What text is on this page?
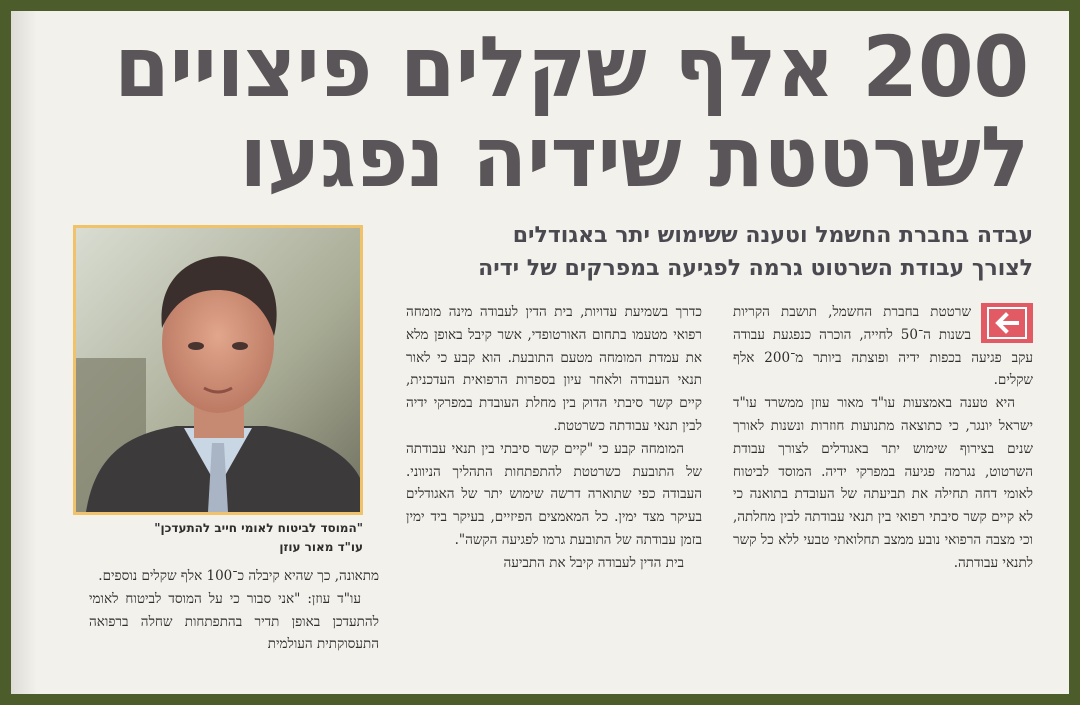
200 אלף שקלים פיצויים
לשרטטת שידיה נפגעו
עבדה בחברת החשמל וטענה ששימוש יתר באגודלים
לצורך עבודת השרטוט גרמה לפגיעה במפרקים של ידיה

שרטטת בחברת החשמל, תושבת הקריות בשנות ה־50 לחייה, הוכרה כנפגעת עבודה עקב פגיעה בכפות ידיה ופוצתה ביותר מ־200 אלף שקלים.

היא טענה באמצעות עו"ד מאור עוזן ממשרד עו"ד ישראל יונגר, כי כתוצאה מתנועות חוזרות ונשנות לאורך שנים בצירוף שימוש יתר באגודלים לצורך עבודת השרטוט, נגרמה פגיעה במפרקי ידיה. המוסד לביטוח לאומי דחה תחילה את תביעתה של העובדת בתואנה כי לא קיים קשר סיבתי רפואי בין תנאי עבודתה לבין מחלתה, וכי מצבה הרפואי נובע ממצב תחלואתי טבעי ללא כל קשר לתנאי עבודתה.

כדרך בשמיעת עדויות, בית הדין לעבודה מינה מומחה רפואי מטעמו בתחום האורטופדי, אשר קיבל באופן מלא את עמדת המומחה מטעם התובעת. הוא קבע כי לאור תנאי העבודה ולאחר עיון בספרות הרפואית העדכנית, קיים קשר סיבתי הדוק בין מחלת העובדת במפרקי ידיה לבין תנאי עבודתה כשרטטת.

המומחה קבע כי "קיים קשר סיבתי בין תנאי עבודתה של התובעת כשרטטת להתפתחות התהליך הניווני. העבודה כפי שתוארה דרשה שימוש יתר של האגודלים בעיקר מצד ימין. כל המאמצים הפיזיים, בעיקר ביד ימין בזמן עבודתה של התובעת גרמו לפגיעה הקשה".

בית הדין לעבודה קיבל את התביעה

"המוסד לביטוח לאומי חייב להתעדכן"
עו"ד מאור עוזן

מתאונה, כך שהיא קיבלה כ־100 אלף שקלים נוספים.

עו"ד עוזן: "אני סבור כי על המוסד לביטוח לאומי להתעדכן באופן תדיר בהתפתחות שחלה ברפואה התעסוקתית העולמית
